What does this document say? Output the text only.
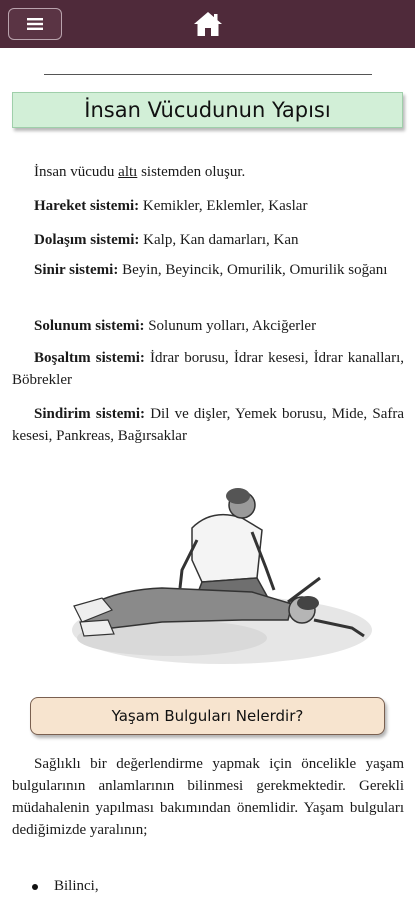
İnsan Vücudunun Yapısı

İnsan vücudu altı sistemden oluşur.

Hareket sistemi: Kemikler, Eklemler, Kaslar

Dolaşım sistemi: Kalp, Kan damarları, Kan

Sinir sistemi: Beyin, Beyincik, Omurilik, Omurilik soğanı

Solunum sistemi: Solunum yolları, Akciğerler

Boşaltım sistemi: İdrar borusu, İdrar kesesi, İdrar kanalları, Böbrekler

Sindirim sistemi: Dil ve dişler, Yemek borusu, Mide, Safra kesesi, Pankreas, Bağırsaklar

Yaşam Bulguları Nelerdir?

Sağlıklı bir değerlendirme yapmak için öncelikle yaşam bulgularının anlamlarının bilinmesi gerekmektedir. Gerekli müdahalenin yapılması bakımından önemlidir. Yaşam bulguları dediğimizde yaralının;

Bilinci,
